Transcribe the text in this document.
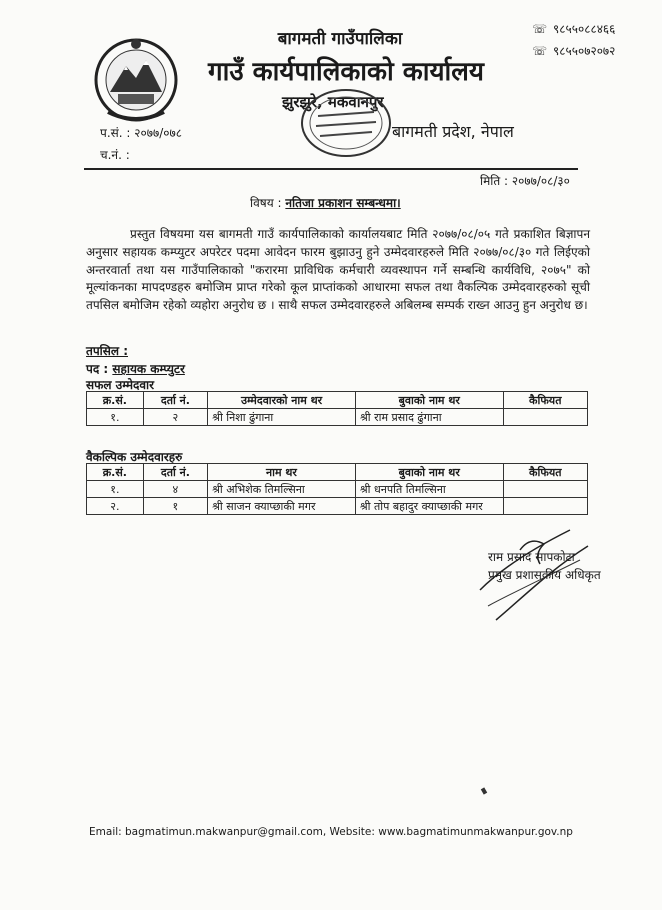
बागमती गाउँपालिका
गाउँ कार्यपालिकाको कार्यालय
झुरझुरे, मकवानपुर
बागमती प्रदेश, नेपाल
☏ ९८५५०८८४६६
☏ ९८५५०७२०७२
प.सं. : २०७७/०७८
च.नं. :
मिति : २०७७/०८/३०
विषय : नतिजा प्रकाशन सम्बन्धमा।

प्रस्तुत विषयमा यस बागमती गाउँ कार्यपालिकाको कार्यालयबाट मिति २०७७/०८/०५ गते प्रकाशित बिज्ञापन अनुसार सहायक कम्प्युटर अपरेटर पदमा आवेदन फारम बुझाउनु हुने उम्मेदवारहरुले मिति २०७७/०८/३० गते लिईएको अन्तरवार्ता तथा यस गाउँपालिकाको "करारमा प्राविधिक कर्मचारी व्यवस्थापन गर्ने सम्बन्धि कार्यविधि, २०७५" को मूल्यांकनका मापदण्डहरु बमोजिम प्राप्त गरेको कूल प्राप्तांकको आधारमा सफल तथा वैकल्पिक उम्मेदवारहरुको सूची तपसिल बमोजिम रहेको व्यहोरा अनुरोध छ । साथै सफल उम्मेदवारहरुले अबिलम्ब सम्पर्क राख्न आउनु हुन अनुरोध छ।

तपसिल :
पद : सहायक कम्प्युटर
सफल उम्मेदवार
क्र.सं.	दर्ता नं.	उम्मेदवारको नाम थर	बुवाको नाम थर	कैफियत
१.	२	श्री निशा ढुंगाना	श्री राम प्रसाद ढुंगाना	
वैकल्पिक उम्मेदवारहरु
क्र.सं.	दर्ता नं.	नाम थर	बुवाको नाम थर	कैफियत
१.	४	श्री अभिशेक तिमल्सिना	श्री धनपति तिमल्सिना	
२.	१	श्री साजन क्याप्छाकी मगर	श्री तोप बहादुर क्याप्छाकी मगर	
राम प्रसाद सापकोटा
प्रमुख प्रशासकीय अधिकृत
Email: bagmatimun.makwanpur@gmail.com, Website: www.bagmatimunmakwanpur.gov.np
